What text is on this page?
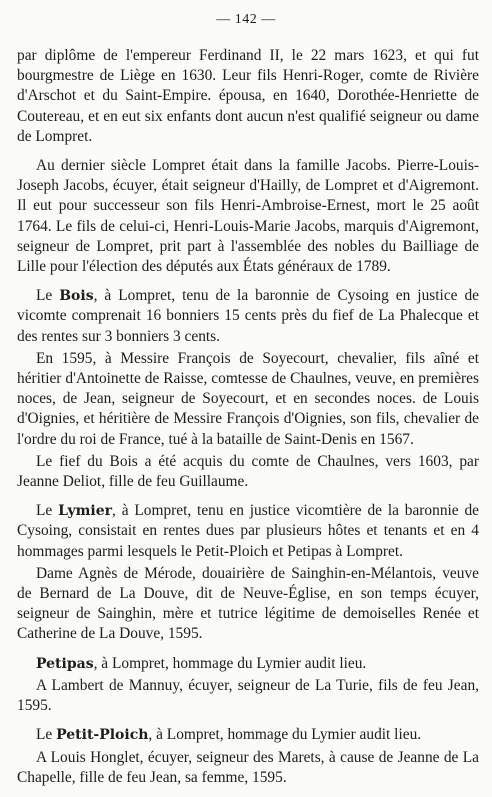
— 142 —

par diplôme de l'empereur Ferdinand II, le 22 mars 1623, et qui fut bourgmestre de Liège en 1630. Leur fils Henri-Roger, comte de Rivière d'Arschot et du Saint-Empire. épousa, en 1640, Dorothée-Henriette de Coutereau, et en eut six enfants dont aucun n'est qualifié seigneur ou dame de Lompret.

Au dernier siècle Lompret était dans la famille Jacobs. Pierre-Louis-Joseph Jacobs, écuyer, était seigneur d'Hailly, de Lompret et d'Aigremont. Il eut pour successeur son fils Henri-Ambroise-Ernest, mort le 25 août 1764. Le fils de celui-ci, Henri-Louis-Marie Jacobs, marquis d'Aigremont, seigneur de Lompret, prit part à l'assemblée des nobles du Bailliage de Lille pour l'élection des députés aux États généraux de 1789.

Le Bois, à Lompret, tenu de la baronnie de Cysoing en justice de vicomte comprenait 16 bonniers 15 cents près du fief de La Phalecque et des rentes sur 3 bonniers 3 cents.

En 1595, à Messire François de Soyecourt, chevalier, fils aîné et héritier d'Antoinette de Raisse, comtesse de Chaulnes, veuve, en premières noces, de Jean, seigneur de Soyecourt, et en secondes noces. de Louis d'Oignies, et héritière de Messire François d'Oignies, son fils, chevalier de l'ordre du roi de France, tué à la bataille de Saint-Denis en 1567.

Le fief du Bois a été acquis du comte de Chaulnes, vers 1603, par Jeanne Deliot, fille de feu Guillaume.

Le Lymier, à Lompret, tenu en justice vicomtière de la baronnie de Cysoing, consistait en rentes dues par plusieurs hôtes et tenants et en 4 hommages parmi lesquels le Petit-Ploich et Petipas à Lompret.

Dame Agnès de Mérode, douairière de Sainghin-en-Mélantois, veuve de Bernard de La Douve, dit de Neuve-Église, en son temps écuyer, seigneur de Sainghin, mère et tutrice légitime de demoiselles Renée et Catherine de La Douve, 1595.

Petipas, à Lompret, hommage du Lymier audit lieu.

A Lambert de Mannuy, écuyer, seigneur de La Turie, fils de feu Jean, 1595.

Le Petit-Ploich, à Lompret, hommage du Lymier audit lieu.

A Louis Honglet, écuyer, seigneur des Marets, à cause de Jeanne de La Chapelle, fille de feu Jean, sa femme, 1595.
